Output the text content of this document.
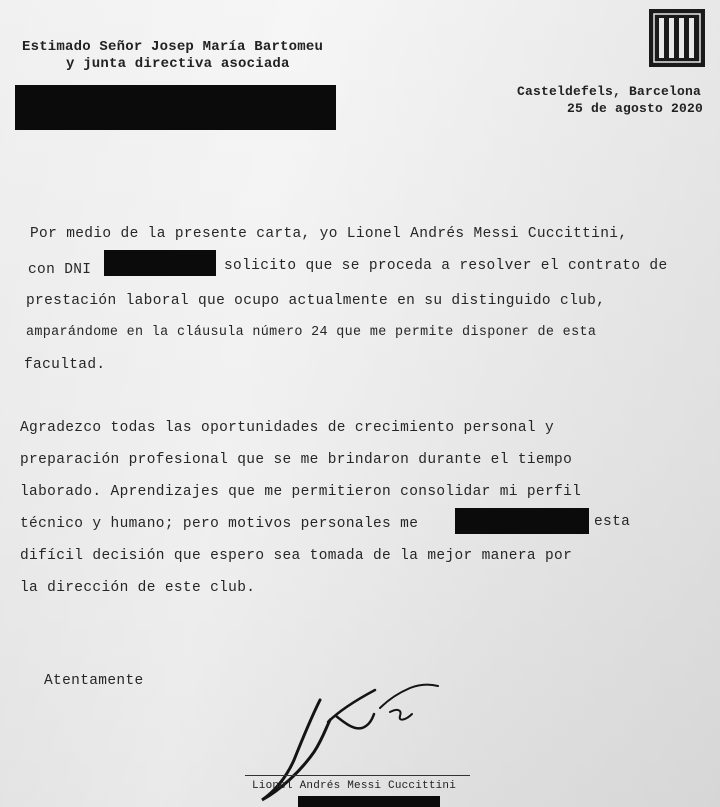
Estimado Señor Josep María Bartomeu
y junta directiva asociada
Casteldefels, Barcelona
25 de agosto 2020
Por medio de la presente carta, yo Lionel Andrés Messi Cuccittini,
con DNI	solicito que se proceda a resolver el contrato de
prestación laboral que ocupo actualmente en su distinguido club,
amparándome en la cláusula número 24 que me permite disponer de esta
facultad.
Agradezco todas las oportunidades de crecimiento personal y
preparación profesional que se me brindaron durante el tiempo
laborado. Aprendizajes que me permitieron consolidar mi perfil
técnico y humano; pero motivos personales me	esta
difícil decisión que espero sea tomada de la mejor manera por
la dirección de este club.
Atentamente
Lionel Andrés Messi Cuccittini
